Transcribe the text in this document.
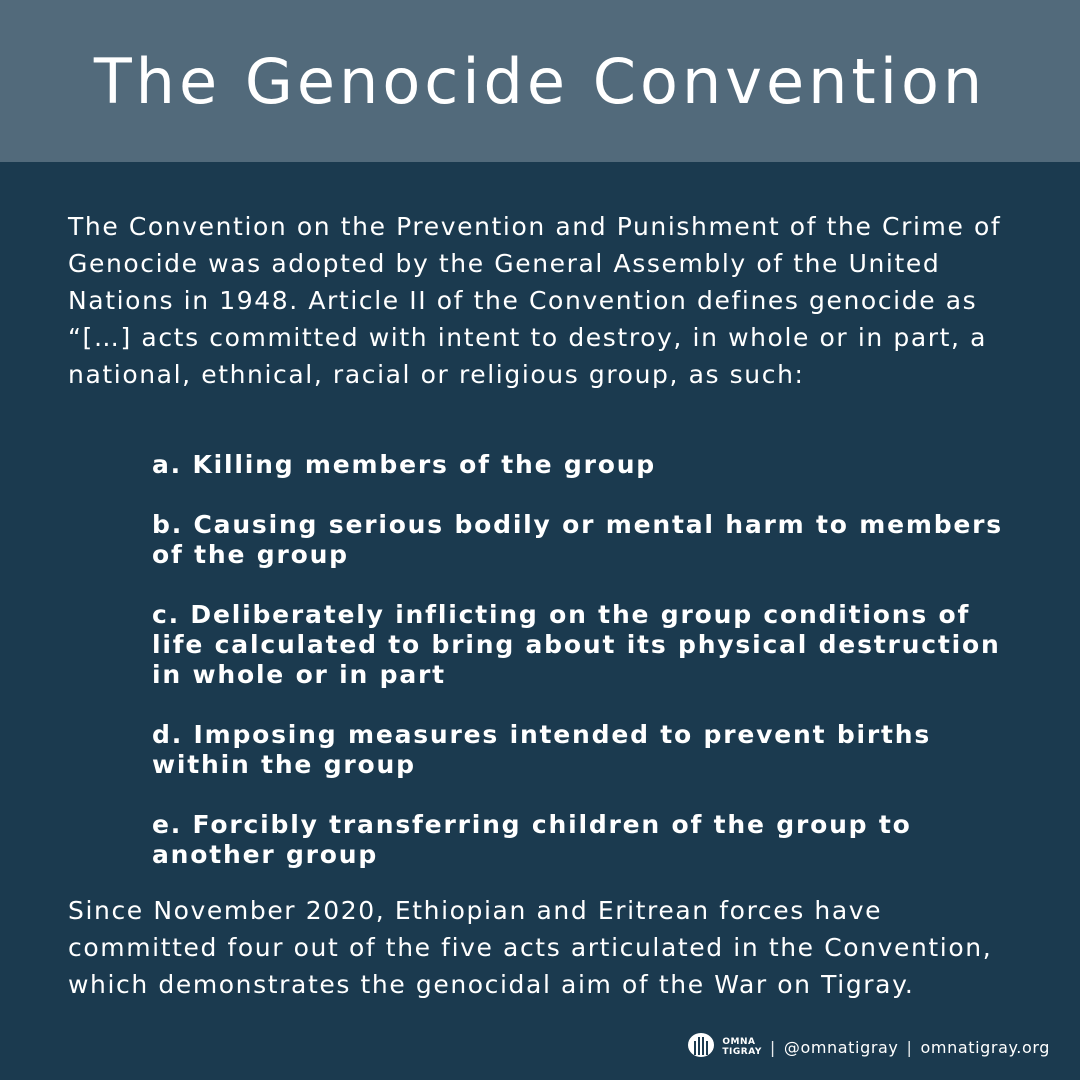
The Genocide Convention

The Convention on the Prevention and Punishment of the Crime of Genocide was adopted by the General Assembly of the United Nations in 1948. Article II of the Convention defines genocide as “[…] acts committed with intent to destroy, in whole or in part, a national, ethnical, racial or religious group, as such:

a. Killing members of the group
b. Causing serious bodily or mental harm to members of the group
c. Deliberately inflicting on the group conditions of life calculated to bring about its physical destruction in whole or in part
d. Imposing measures intended to prevent births within the group
e. Forcibly transferring children of the group to another group

Since November 2020, Ethiopian and Eritrean forces have committed four out of the five acts articulated in the Convention, which demonstrates the genocidal aim of the War on Tigray.

OMNA
TIGRAY | @omnatigray | omnatigray.org
